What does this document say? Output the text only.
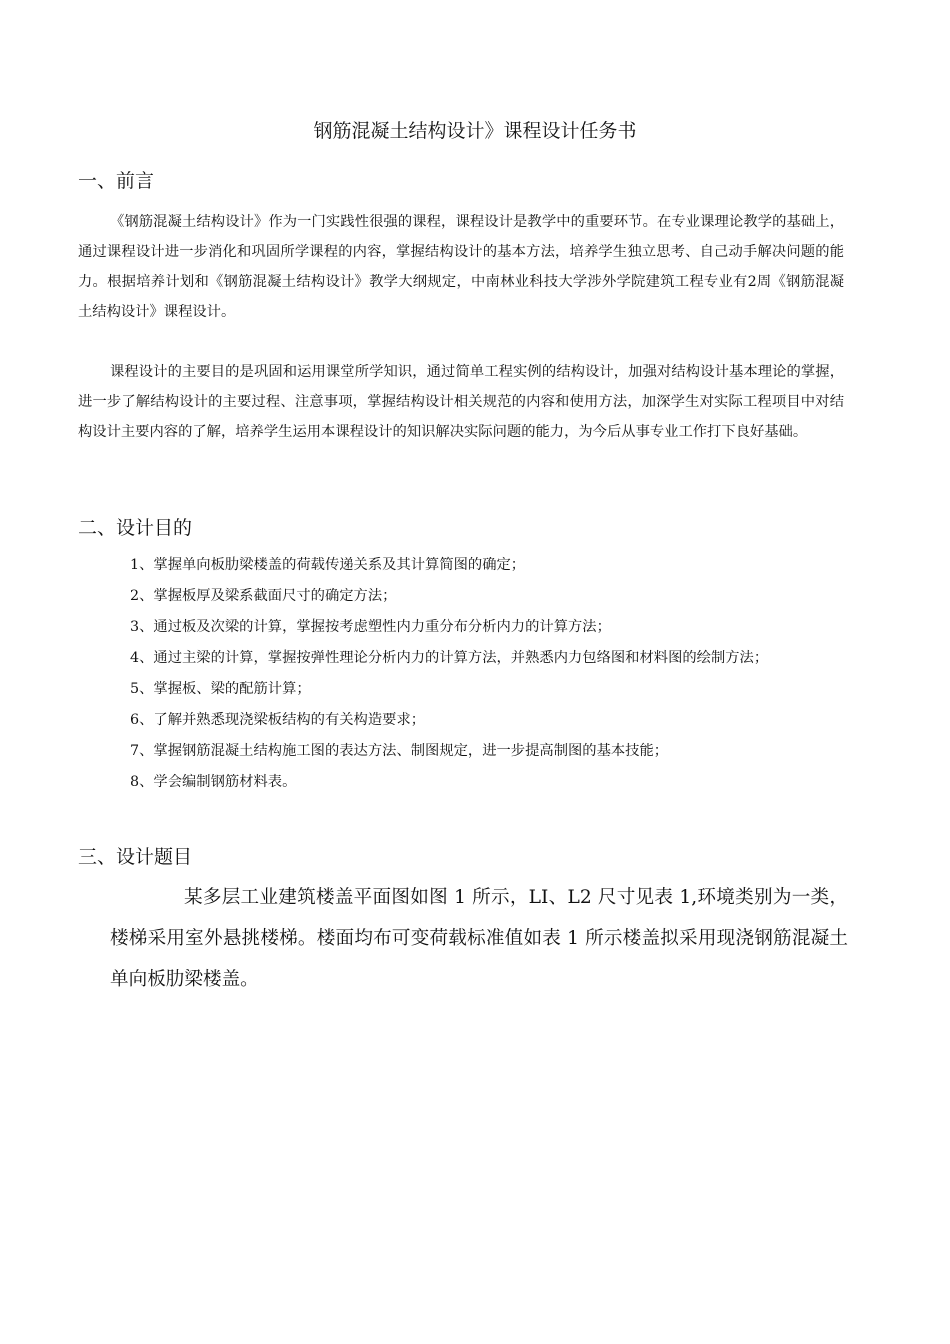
钢筋混凝土结构设计》课程设计任务书
一、前言

《钢筋混凝土结构设计》作为一门实践性很强的课程，课程设计是教学中的重要环节。在专业课理论教学的基础上，通过课程设计进一步消化和巩固所学课程的内容，掌握结构设计的基本方法，培养学生独立思考、自己动手解决问题的能力。根据培养计划和《钢筋混凝土结构设计》教学大纲规定，中南林业科技大学涉外学院建筑工程专业有2周《钢筋混凝土结构设计》课程设计。

课程设计的主要目的是巩固和运用课堂所学知识，通过简单工程实例的结构设计，加强对结构设计基本理论的掌握，进一步了解结构设计的主要过程、注意事项，掌握结构设计相关规范的内容和使用方法，加深学生对实际工程项目中对结构设计主要内容的了解，培养学生运用本课程设计的知识解决实际问题的能力，为今后从事专业工作打下良好基础。

二、设计目的
1、掌握单向板肋梁楼盖的荷载传递关系及其计算简图的确定；
2、掌握板厚及梁系截面尺寸的确定方法；
3、通过板及次梁的计算，掌握按考虑塑性内力重分布分析内力的计算方法；
4、通过主梁的计算，掌握按弹性理论分析内力的计算方法，并熟悉内力包络图和材料图的绘制方法；
5、掌握板、梁的配筋计算；
6、了解并熟悉现浇梁板结构的有关构造要求；
7、掌握钢筋混凝土结构施工图的表达方法、制图规定，进一步提高制图的基本技能；
8、学会编制钢筋材料表。
三、设计题目

某多层工业建筑楼盖平面图如图 1 所示，LI、L2 尺寸见表 1,环境类别为一类，楼梯采用室外悬挑楼梯。楼面均布可变荷载标准值如表 1 所示楼盖拟采用现浇钢筋混凝土单向板肋梁楼盖。
